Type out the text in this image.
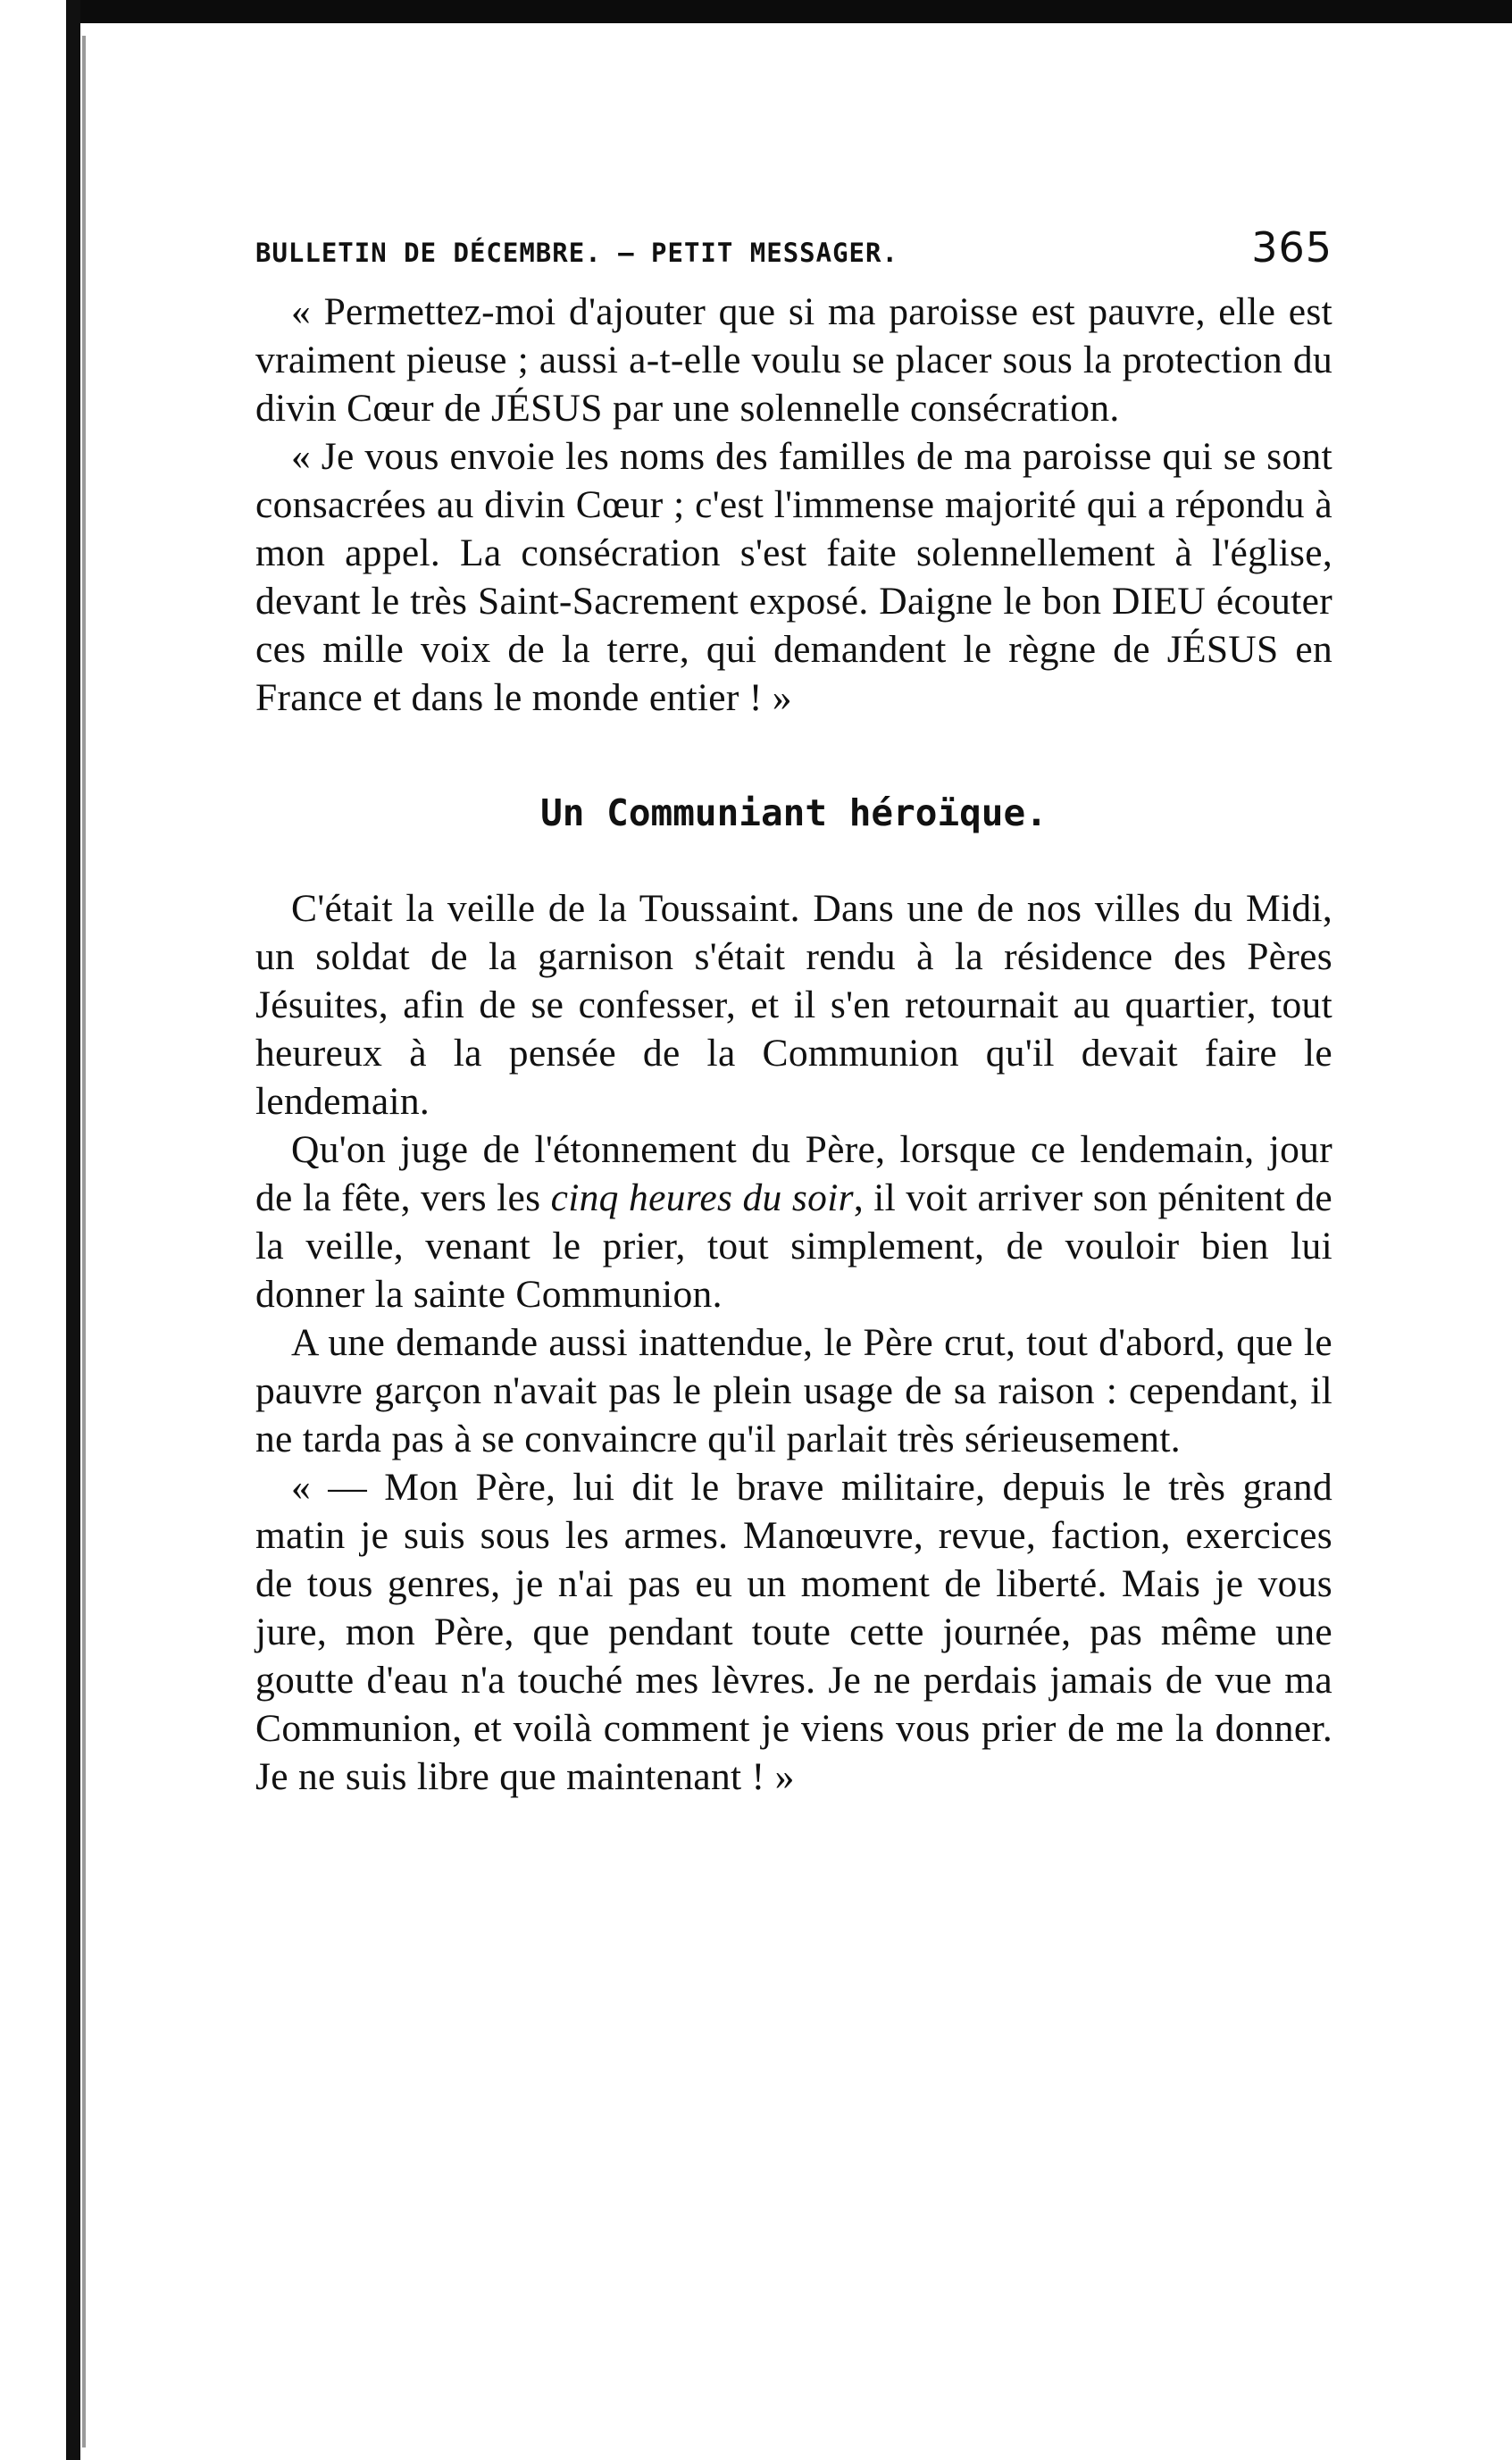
BULLETIN DE DÉCEMBRE. — PETIT MESSAGER.	365

« Permettez-moi d'ajouter que si ma paroisse est pauvre, elle est vraiment pieuse ; aussi a-t-elle voulu se placer sous la protection du divin Cœur de JÉSUS par une solennelle consécration.

« Je vous envoie les noms des familles de ma paroisse qui se sont consacrées au divin Cœur ; c'est l'immense majorité qui a répondu à mon appel. La consécration s'est faite solennellement à l'église, devant le très Saint-Sacrement exposé. Daigne le bon DIEU écouter ces mille voix de la terre, qui demandent le règne de JÉSUS en France et dans le monde entier ! »

Un Communiant héroïque.

C'était la veille de la Toussaint. Dans une de nos villes du Midi, un soldat de la garnison s'était rendu à la résidence des Pères Jésuites, afin de se confesser, et il s'en retournait au quartier, tout heureux à la pensée de la Communion qu'il devait faire le lendemain.

Qu'on juge de l'étonnement du Père, lorsque ce lendemain, jour de la fête, vers les cinq heures du soir, il voit arriver son pénitent de la veille, venant le prier, tout simplement, de vouloir bien lui donner la sainte Communion.

A une demande aussi inattendue, le Père crut, tout d'abord, que le pauvre garçon n'avait pas le plein usage de sa raison : cependant, il ne tarda pas à se convaincre qu'il parlait très sérieusement.

« — Mon Père, lui dit le brave militaire, depuis le très grand matin je suis sous les armes. Manœuvre, revue, faction, exercices de tous genres, je n'ai pas eu un moment de liberté. Mais je vous jure, mon Père, que pendant toute cette journée, pas même une goutte d'eau n'a touché mes lèvres. Je ne perdais jamais de vue ma Communion, et voilà comment je viens vous prier de me la donner. Je ne suis libre que maintenant ! »
